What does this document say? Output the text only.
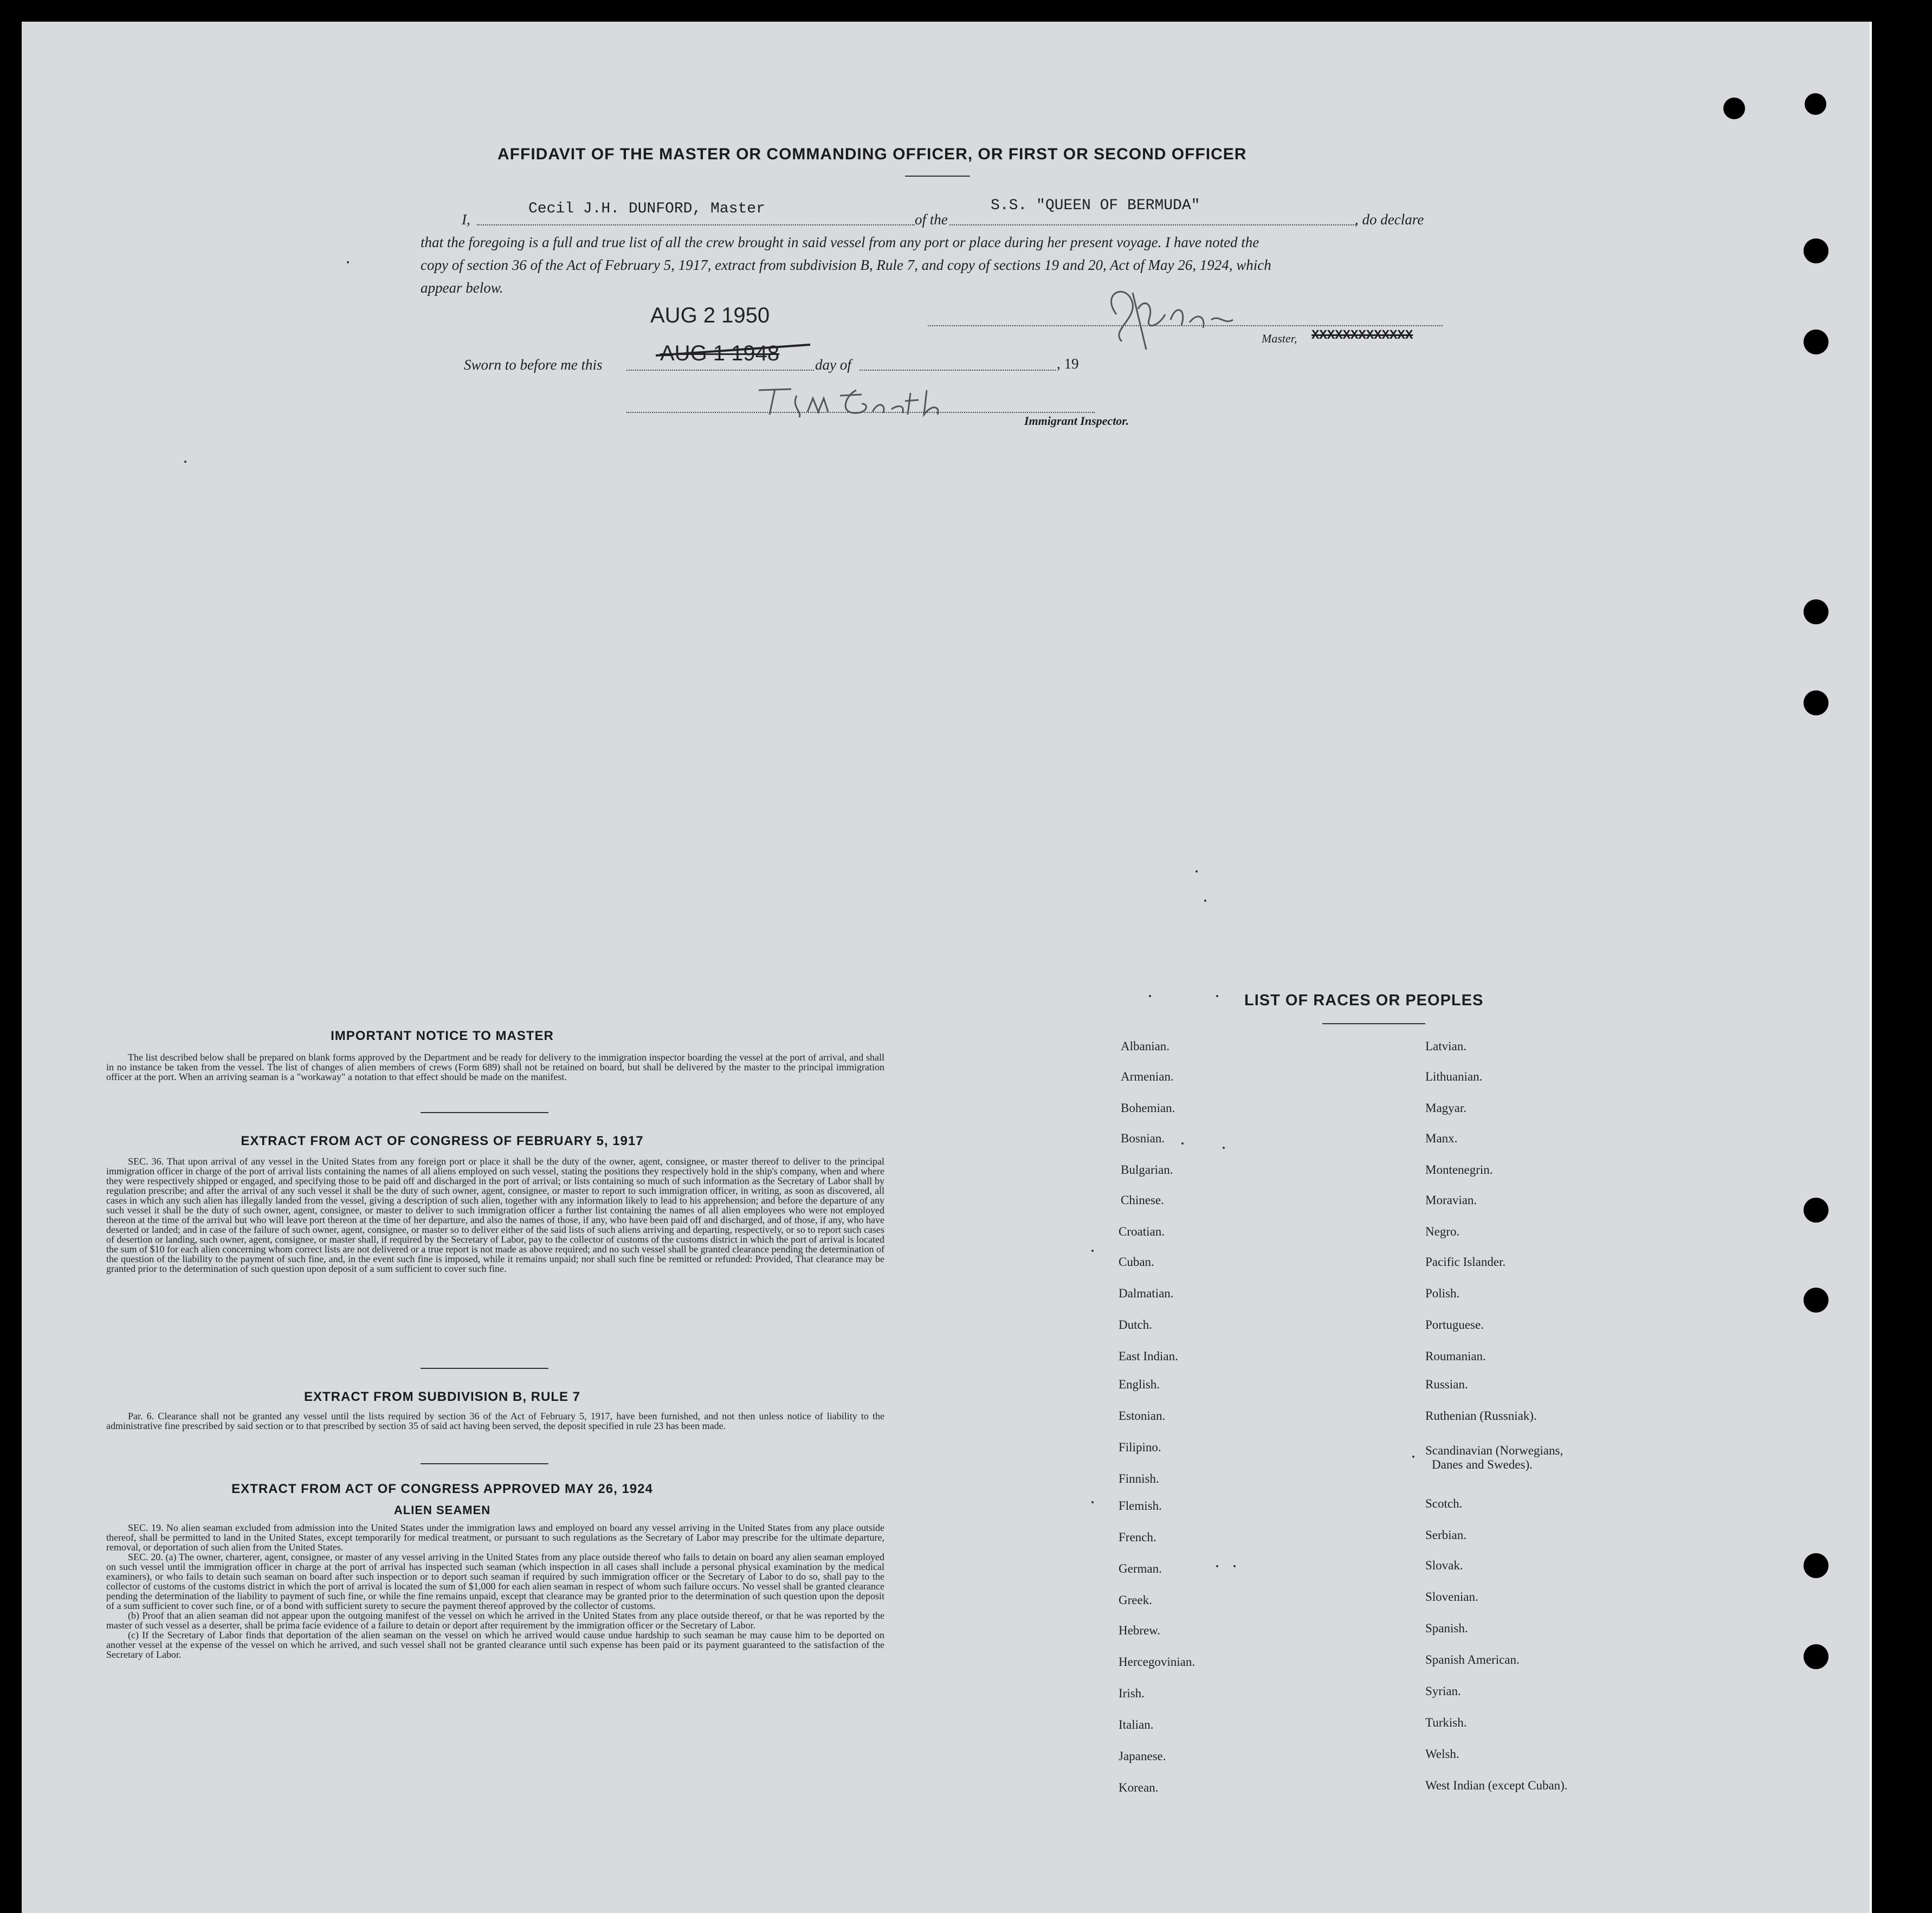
AFFIDAVIT OF THE MASTER OR COMMANDING OFFICER, OR FIRST OR SECOND OFFICER
I,
Cecil J.H. DUNFORD, Master
of the
S.S. "QUEEN OF BERMUDA"
, do declare
that the foregoing is a full and true list of all the crew brought in said vessel from any port or place during her present voyage. I have noted the
copy of section 36 of the Act of February 5, 1917, extract from subdivision B, Rule 7, and copy of sections 19 and 20, Act of May 26, 1924, which
appear below.
AUG 2 1950
AUG 1 1948
Master, XXXXXXXXXXXXX
Sworn to before me this	day of	, 19
Immigrant Inspector.
IMPORTANT NOTICE TO MASTER

The list described below shall be prepared on blank forms approved by the Department and be ready for delivery to the immigration inspector boarding the vessel at the port of arrival, and shall in no instance be taken from the vessel. The list of changes of alien members of crews (Form 689) shall not be retained on board, but shall be delivered by the master to the principal immigration officer at the port. When an arriving seaman is a "workaway" a notation to that effect should be made on the manifest.

EXTRACT FROM ACT OF CONGRESS OF FEBRUARY 5, 1917

SEC. 36. That upon arrival of any vessel in the United States from any foreign port or place it shall be the duty of the owner, agent, consignee, or master thereof to deliver to the principal immigration officer in charge of the port of arrival lists containing the names of all aliens employed on such vessel, stating the positions they respectively hold in the ship's company, when and where they were respectively shipped or engaged, and specifying those to be paid off and discharged in the port of arrival; or lists containing so much of such information as the Secretary of Labor shall by regulation prescribe; and after the arrival of any such vessel it shall be the duty of such owner, agent, consignee, or master to report to such immigration officer, in writing, as soon as discovered, all cases in which any such alien has illegally landed from the vessel, giving a description of such alien, together with any information likely to lead to his apprehension; and before the departure of any such vessel it shall be the duty of such owner, agent, consignee, or master to deliver to such immigration officer a further list containing the names of all alien employees who were not employed thereon at the time of the arrival but who will leave port thereon at the time of her departure, and also the names of those, if any, who have been paid off and discharged, and of those, if any, who have deserted or landed; and in case of the failure of such owner, agent, consignee, or master so to deliver either of the said lists of such aliens arriving and departing, respectively, or so to report such cases of desertion or landing, such owner, agent, consignee, or master shall, if required by the Secretary of Labor, pay to the collector of customs of the customs district in which the port of arrival is located the sum of $10 for each alien concerning whom correct lists are not delivered or a true report is not made as above required; and no such vessel shall be granted clearance pending the determination of the question of the liability to the payment of such fine, and, in the event such fine is imposed, while it remains unpaid; nor shall such fine be remitted or refunded: Provided, That clearance may be granted prior to the determination of such question upon deposit of a sum sufficient to cover such fine.

EXTRACT FROM SUBDIVISION B, RULE 7

Par. 6. Clearance shall not be granted any vessel until the lists required by section 36 of the Act of February 5, 1917, have been furnished, and not then unless notice of liability to the administrative fine prescribed by said section or to that prescribed by section 35 of said act having been served, the deposit specified in rule 23 has been made.

EXTRACT FROM ACT OF CONGRESS APPROVED MAY 26, 1924
ALIEN SEAMEN

SEC. 19. No alien seaman excluded from admission into the United States under the immigration laws and employed on board any vessel arriving in the United States from any place outside thereof, shall be permitted to land in the United States, except temporarily for medical treatment, or pursuant to such regulations as the Secretary of Labor may prescribe for the ultimate departure, removal, or deportation of such alien from the United States.

SEC. 20. (a) The owner, charterer, agent, consignee, or master of any vessel arriving in the United States from any place outside thereof who fails to detain on board any alien seaman employed on such vessel until the immigration officer in charge at the port of arrival has inspected such seaman (which inspection in all cases shall include a personal physical examination by the medical examiners), or who fails to detain such seaman on board after such inspection or to deport such seaman if required by such immigration officer or the Secretary of Labor to do so, shall pay to the collector of customs of the customs district in which the port of arrival is located the sum of $1,000 for each alien seaman in respect of whom such failure occurs. No vessel shall be granted clearance pending the determination of the liability to payment of such fine, or while the fine remains unpaid, except that clearance may be granted prior to the determination of such question upon the deposit of a sum sufficient to cover such fine, or of a bond with sufficient surety to secure the payment thereof approved by the collector of customs.

(b) Proof that an alien seaman did not appear upon the outgoing manifest of the vessel on which he arrived in the United States from any place outside thereof, or that he was reported by the master of such vessel as a deserter, shall be prima facie evidence of a failure to detain or deport after requirement by the immigration officer or the Secretary of Labor.

(c) If the Secretary of Labor finds that deportation of the alien seaman on the vessel on which he arrived would cause undue hardship to such seaman he may cause him to be deported on another vessel at the expense of the vessel on which he arrived, and such vessel shall not be granted clearance until such expense has been paid or its payment guaranteed to the satisfaction of the Secretary of Labor.

LIST OF RACES OR PEOPLES
Albanian.
Armenian.
Bohemian.
Bosnian.
Bulgarian.
Chinese.
Croatian.
Cuban.
Dalmatian.
Dutch.
East Indian.
English.
Estonian.
Filipino.
Finnish.
Flemish.
French.
German.
Greek.
Hebrew.
Hercegovinian.
Irish.
Italian.
Japanese.
Korean.
Latvian.
Lithuanian.
Magyar.
Manx.
Montenegrin.
Moravian.
Negro.
Pacific Islander.
Polish.
Portuguese.
Roumanian.
Russian.
Ruthenian (Russniak).
Scandinavian (Norwegians,
Danes and Swedes).
Scotch.
Serbian.
Slovak.
Slovenian.
Spanish.
Spanish American.
Syrian.
Turkish.
Welsh.
West Indian (except Cuban).
